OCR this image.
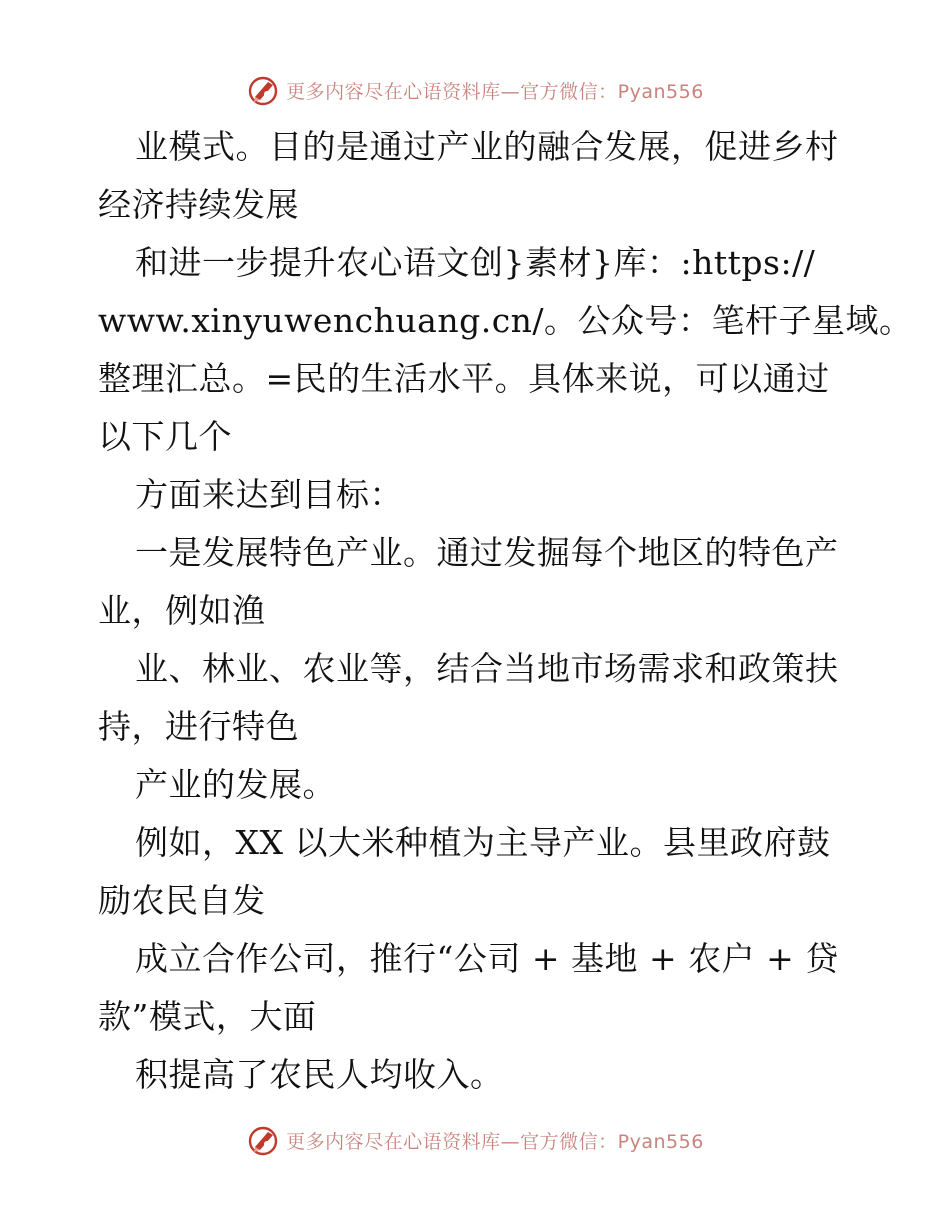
更多内容尽在心语资料库—官方微信：Pyan556
业模式。目的是通过产业的融合发展，促进乡村
经济持续发展
和进一步提升农心语文创}素材}库：:https://
www.xinyuwenchuang.cn/。公众号：笔杆子星域。
整理汇总。=民的生活水平。具体来说，可以通过
以下几个
方面来达到目标：
一是发展特色产业。通过发掘每个地区的特色产
业，例如渔
业、林业、农业等，结合当地市场需求和政策扶
持，进行特色
产业的发展。
例如，XX 以大米种植为主导产业。县里政府鼓
励农民自发
成立合作公司，推行“公司 + 基地 + 农户 + 贷
款”模式，大面
积提高了农民人均收入。
更多内容尽在心语资料库—官方微信：Pyan556
